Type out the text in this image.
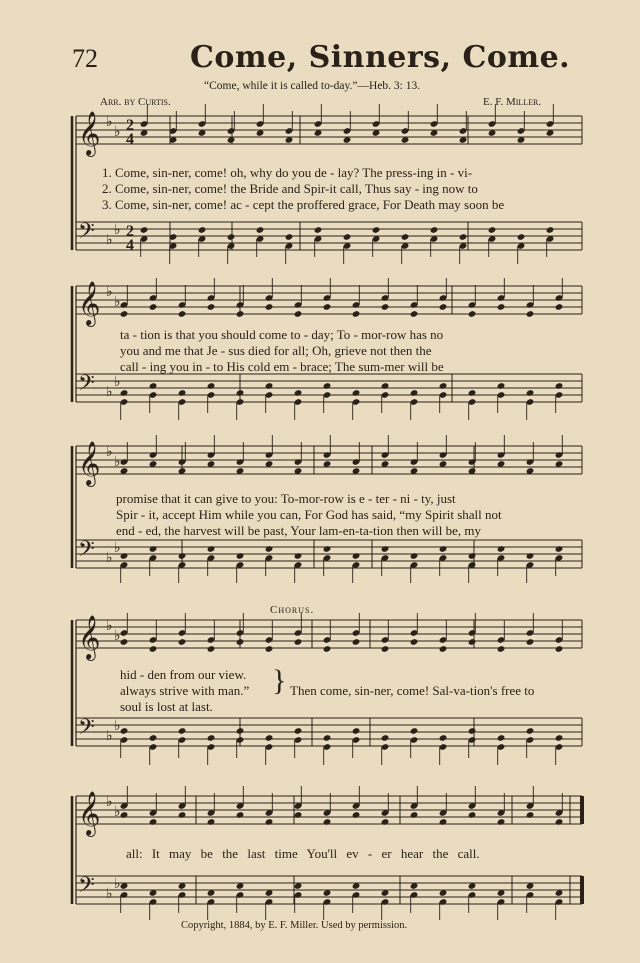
72	Come, Sinners, Come.
“Come, while it is called to-day.”—Heb. 3: 13.
Arr. by Curtis.	E. F. Miller.
𝄞 ♭
♭ 2
4
𝄢 ♭
♭ 2
4
𝄞 ♭
♭
𝄢 ♭
♭
𝄞 ♭
♭
𝄢 ♭
♭
𝄞 ♭
♭
𝄢 ♭
♭
𝄞 ♭
♭
𝄢 ♭
♭
1. Come, sin-ner, come! oh, why do you de - lay? The press-ing in - vi-
2. Come, sin-ner, come! the Bride and Spir-it call, Thus say - ing now to
3. Come, sin-ner, come! ac - cept the proffered grace, For Death may soon be
ta - tion is that you should come to - day; To - mor-row has no
you and me that Je - sus died for all; Oh, grieve not then the
call - ing you in - to His cold em - brace; The sum-mer will be
promise that it can give to you: To-mor-row is e - ter - ni - ty, just
Spir - it, accept Him while you can, For God has said, “my Spirit shall not
end - ed, the harvest will be past, Your lam-en-ta-tion then will be, my
Chorus.
hid - den from our view.
always strive with man.”
soul is lost at last.
} Then come, sin-ner, come! Sal-va-tion's free to
all: It may be the last time You'll ev - er hear the call.
Copyright, 1884, by E. F. Miller. Used by permission.
